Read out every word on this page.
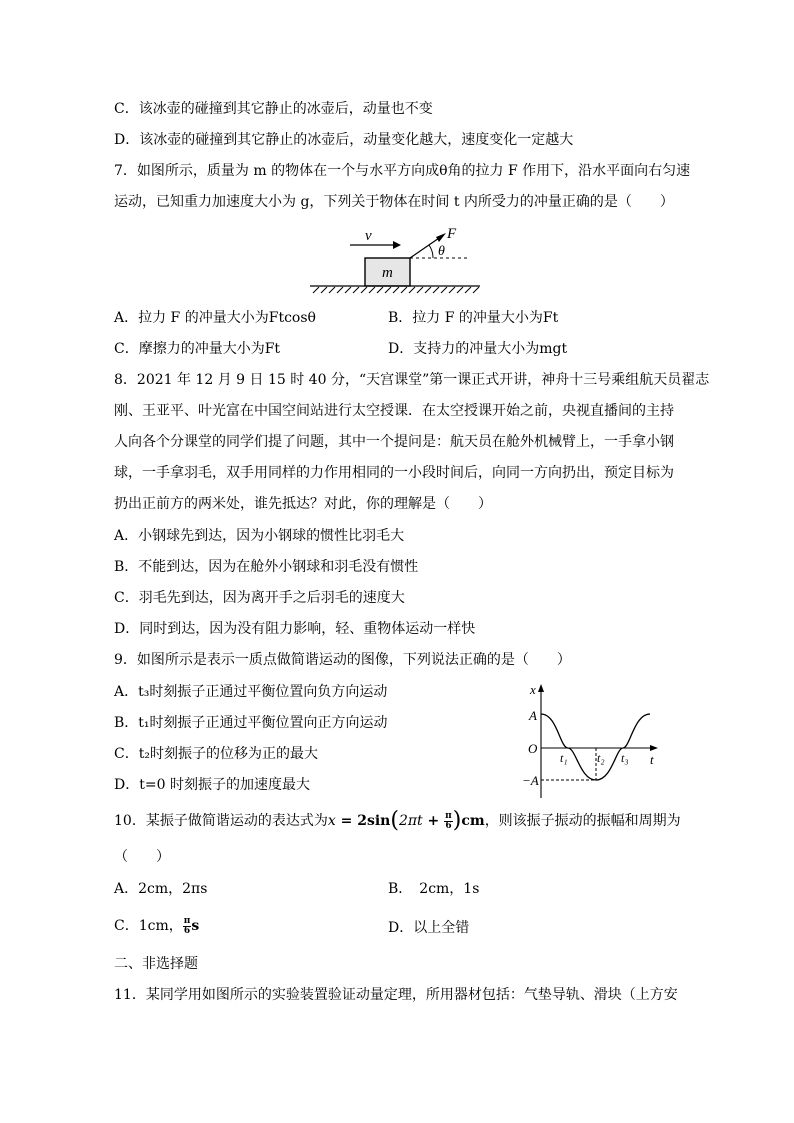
C．该冰壶的碰撞到其它静止的冰壶后，动量也不变
D．该冰壶的碰撞到其它静止的冰壶后，动量变化越大，速度变化一定越大
7．如图所示，质量为 m 的物体在一个与水平方向成θ角的拉力 F 作用下，沿水平面向右匀速
运动，已知重力加速度大小为 g，下列关于物体在时间 t 内所受力的冲量正确的是（　　）
v
m
F
θ
A．拉力 F 的冲量大小为Ftcosθ	B．拉力 F 的冲量大小为Ft
C．摩擦力的冲量大小为Ft	D．支持力的冲量大小为mgt
8．2021 年 12 月 9 日 15 时 40 分，“天宫课堂”第一课正式开讲，神舟十三号乘组航天员翟志
刚、王亚平、叶光富在中国空间站进行太空授课．在太空授课开始之前，央视直播间的主持
人向各个分课堂的同学们提了问题，其中一个提问是：航天员在舱外机械臂上，一手拿小钢
球，一手拿羽毛，双手用同样的力作用相同的一小段时间后，向同一方向扔出，预定目标为
扔出正前方的两米处，谁先抵达？对此，你的理解是（　　）
A．小钢球先到达，因为小钢球的惯性比羽毛大
B．不能到达，因为在舱外小钢球和羽毛没有惯性
C．羽毛先到达，因为离开手之后羽毛的速度大
D．同时到达，因为没有阻力影响，轻、重物体运动一样快
9．如图所示是表示一质点做简谐运动的图像，下列说法正确的是（　　）
A．t₃时刻振子正通过平衡位置向负方向运动
B．t₁时刻振子正通过平衡位置向正方向运动
C．t₂时刻振子的位移为正的最大
D．t=0 时刻振子的加速度最大
x
t
O
A
−A
t₁ t₂ t₃
10．某振子做简谐运动的表达式为 x = 2sin ( $2\pi t + \frac{\pi}{6}$ ) cm ，则该振子振动的振幅和周期为
（　　）
A．2cm，2πs	B．　2cm，1s
C．1cm， π
6 s	D．以上全错
二、非选择题
11．某同学用如图所示的实验装置验证动量定理，所用器材包括：气垫导轨、滑块（上方安
